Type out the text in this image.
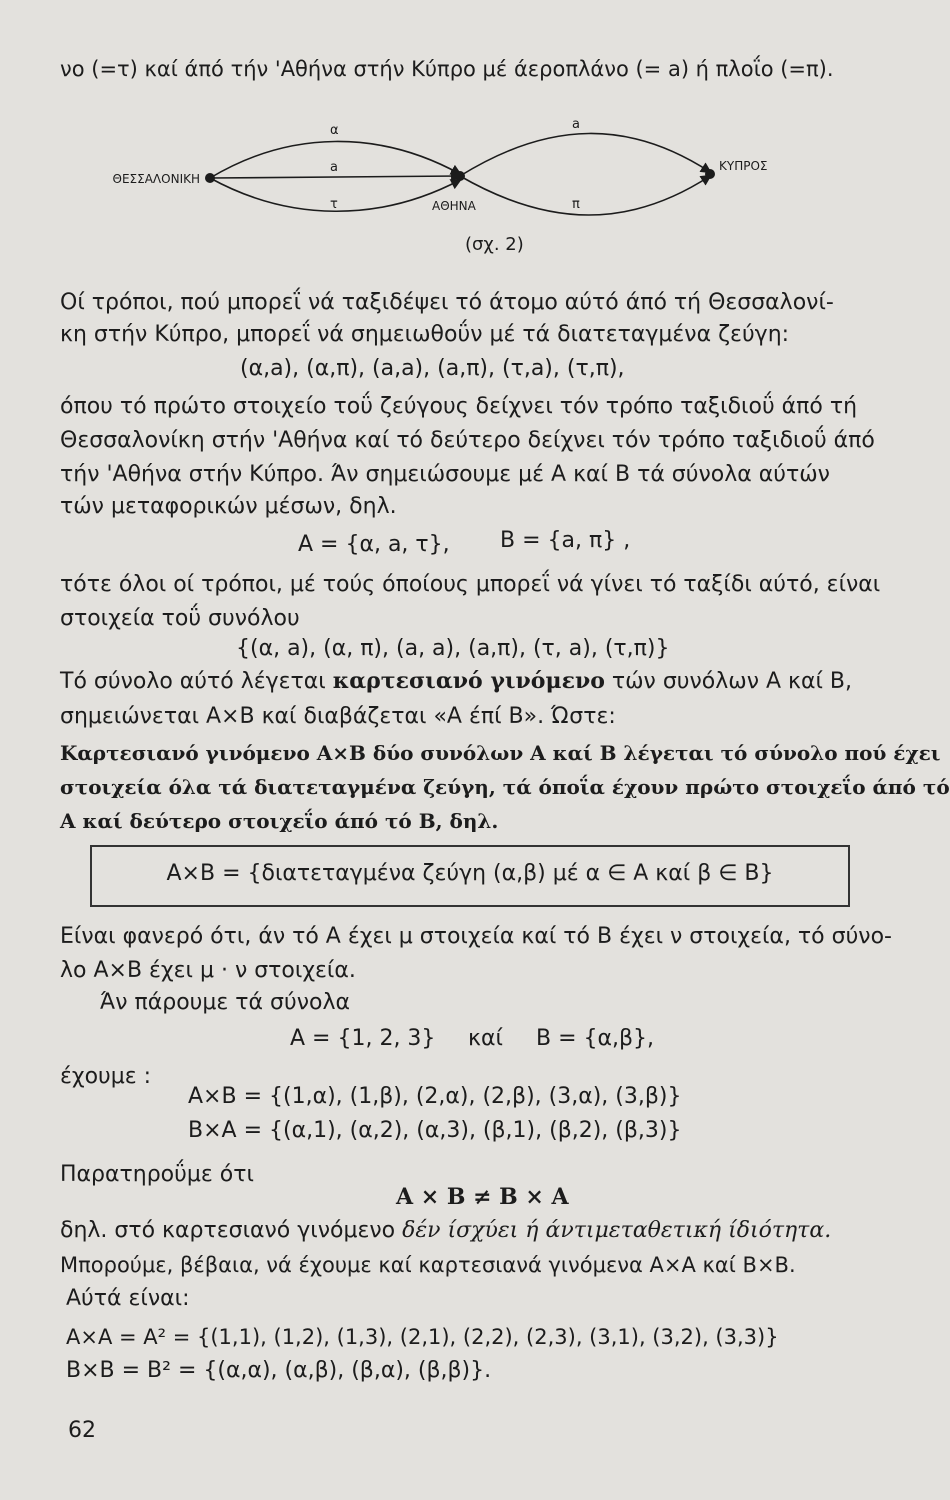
νο (=τ) καί άπό τήν 'Αθήνα στήν Κύπρο μέ άεροπλάνο (= a) ή πλοΐο (=π).
ΘΕΣΣΑΛΟΝΙΚΗ
ΑΘΗΝΑ
ΚΥΠΡΟΣ
α
a
τ
a
π
(σχ. 2)
Οί τρόποι, πού μπορεΐ νά ταξιδέψει τό άτομο αύτό άπό τή Θεσσαλονί-
κη στήν Κύπρο, μπορεΐ νά σημειωθοΰν μέ τά διατεταγμένα ζεύγη:
(α,a), (α,π), (a,a), (a,π), (τ,a), (τ,π),
όπου τό πρώτο στοιχείο τοΰ ζεύγους δείχνει τόν τρόπο ταξιδιοΰ άπό τή
Θεσσαλονίκη στήν 'Αθήνα καί τό δεύτερο δείχνει τόν τρόπο ταξιδιοΰ άπό
τήν 'Αθήνα στήν Κύπρο. Άν σημειώσουμε μέ Α καί Β τά σύνολα αύτών
τών μεταφορικών μέσων, δηλ.
A = {α, a, τ}, B = {a, π} ,
τότε όλοι οί τρόποι, μέ τούς όποίους μπορεΐ νά γίνει τό ταξίδι αύτό, είναι
στοιχεία τοΰ συνόλου
{(α, a), (α, π), (a, a), (a,π), (τ, a), (τ,π)}
Τό σύνολο αύτό λέγεται καρτεσιανό γινόμενο τών συνόλων Α καί Β,
σημειώνεται Α×Β καί διαβάζεται «Α έπί Β». Ώστε:
Καρτεσιανό γινόμενο Α×Β δύο συνόλων Α καί Β λέγεται τό σύνολο πού έχει
στοιχεία όλα τά διατεταγμένα ζεύγη, τά όποΐα έχουν πρώτο στοιχεΐο άπό τό
Α καί δεύτερο στοιχεΐο άπό τό Β, δηλ.
A×B = {διατεταγμένα ζεύγη (α,β) μέ α ∈ Α καί β ∈ Β}
Είναι φανερό ότι, άν τό Α έχει μ στοιχεία καί τό Β έχει ν στοιχεία, τό σύνο-
λο Α×Β έχει μ · ν στοιχεία.
Άν πάρουμε τά σύνολα
A = {1, 2, 3} καί B = {α,β},
έχουμε :
A×B = {(1,α), (1,β), (2,α), (2,β), (3,α), (3,β)}
B×A = {(α,1), (α,2), (α,3), (β,1), (β,2), (β,3)}
Παρατηροΰμε ότι
A × B ≠ B × A
δηλ. στό καρτεσιανό γινόμενο δέν ίσχύει ή άντιμεταθετική ίδιότητα.
Μπορούμε, βέβαια, νά έχουμε καί καρτεσιανά γινόμενα Α×Α καί Β×Β.
Αύτά είναι:
A×A = A² = {(1,1), (1,2), (1,3), (2,1), (2,2), (2,3), (3,1), (3,2), (3,3)}
B×B = B² = {(α,α), (α,β), (β,α), (β,β)}.
62
